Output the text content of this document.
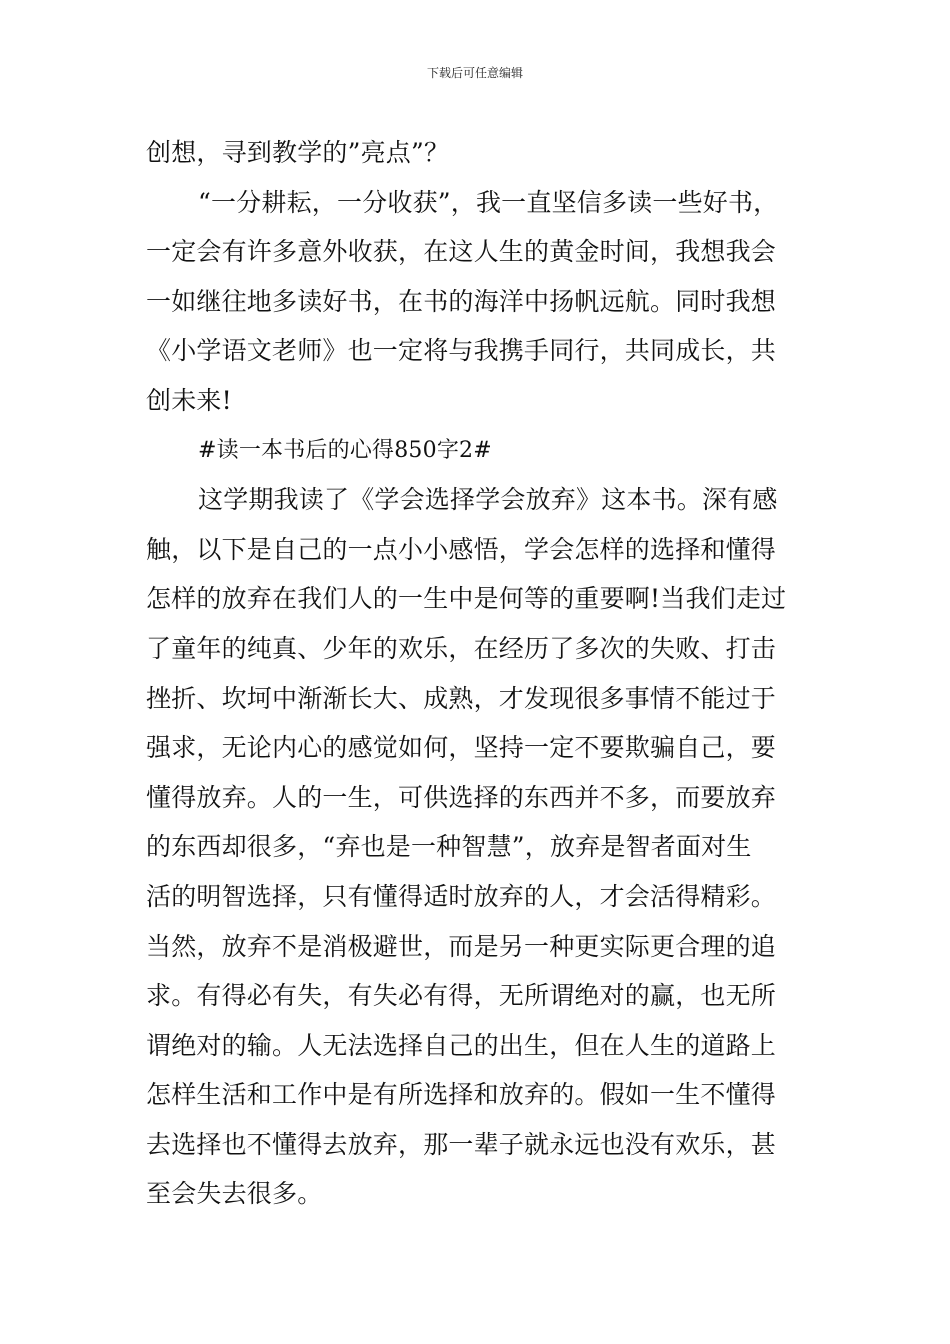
下载后可任意编辑
创想，寻到教学的”亮点”？
“一分耕耘，一分收获”，我一直坚信多读一些好书，
一定会有许多意外收获，在这人生的黄金时间，我想我会
一如继往地多读好书，在书的海洋中扬帆远航。同时我想
《小学语文老师》也一定将与我携手同行，共同成长，共
创未来!
#读一本书后的心得850字2#
这学期我读了《学会选择学会放弃》这本书。深有感
触，以下是自己的一点小小感悟，学会怎样的选择和懂得
怎样的放弃在我们人的一生中是何等的重要啊!当我们走过
了童年的纯真、少年的欢乐，在经历了多次的失败、打击
挫折、坎坷中渐渐长大、成熟，才发现很多事情不能过于
强求，无论内心的感觉如何，坚持一定不要欺骗自己，要
懂得放弃。人的一生，可供选择的东西并不多，而要放弃
的东西却很多，“弃也是一种智慧”，放弃是智者面对生
活的明智选择，只有懂得适时放弃的人，才会活得精彩。
当然，放弃不是消极避世，而是另一种更实际更合理的追
求。有得必有失，有失必有得，无所谓绝对的赢，也无所
谓绝对的输。人无法选择自己的出生，但在人生的道路上
怎样生活和工作中是有所选择和放弃的。假如一生不懂得
去选择也不懂得去放弃，那一辈子就永远也没有欢乐，甚
至会失去很多。
